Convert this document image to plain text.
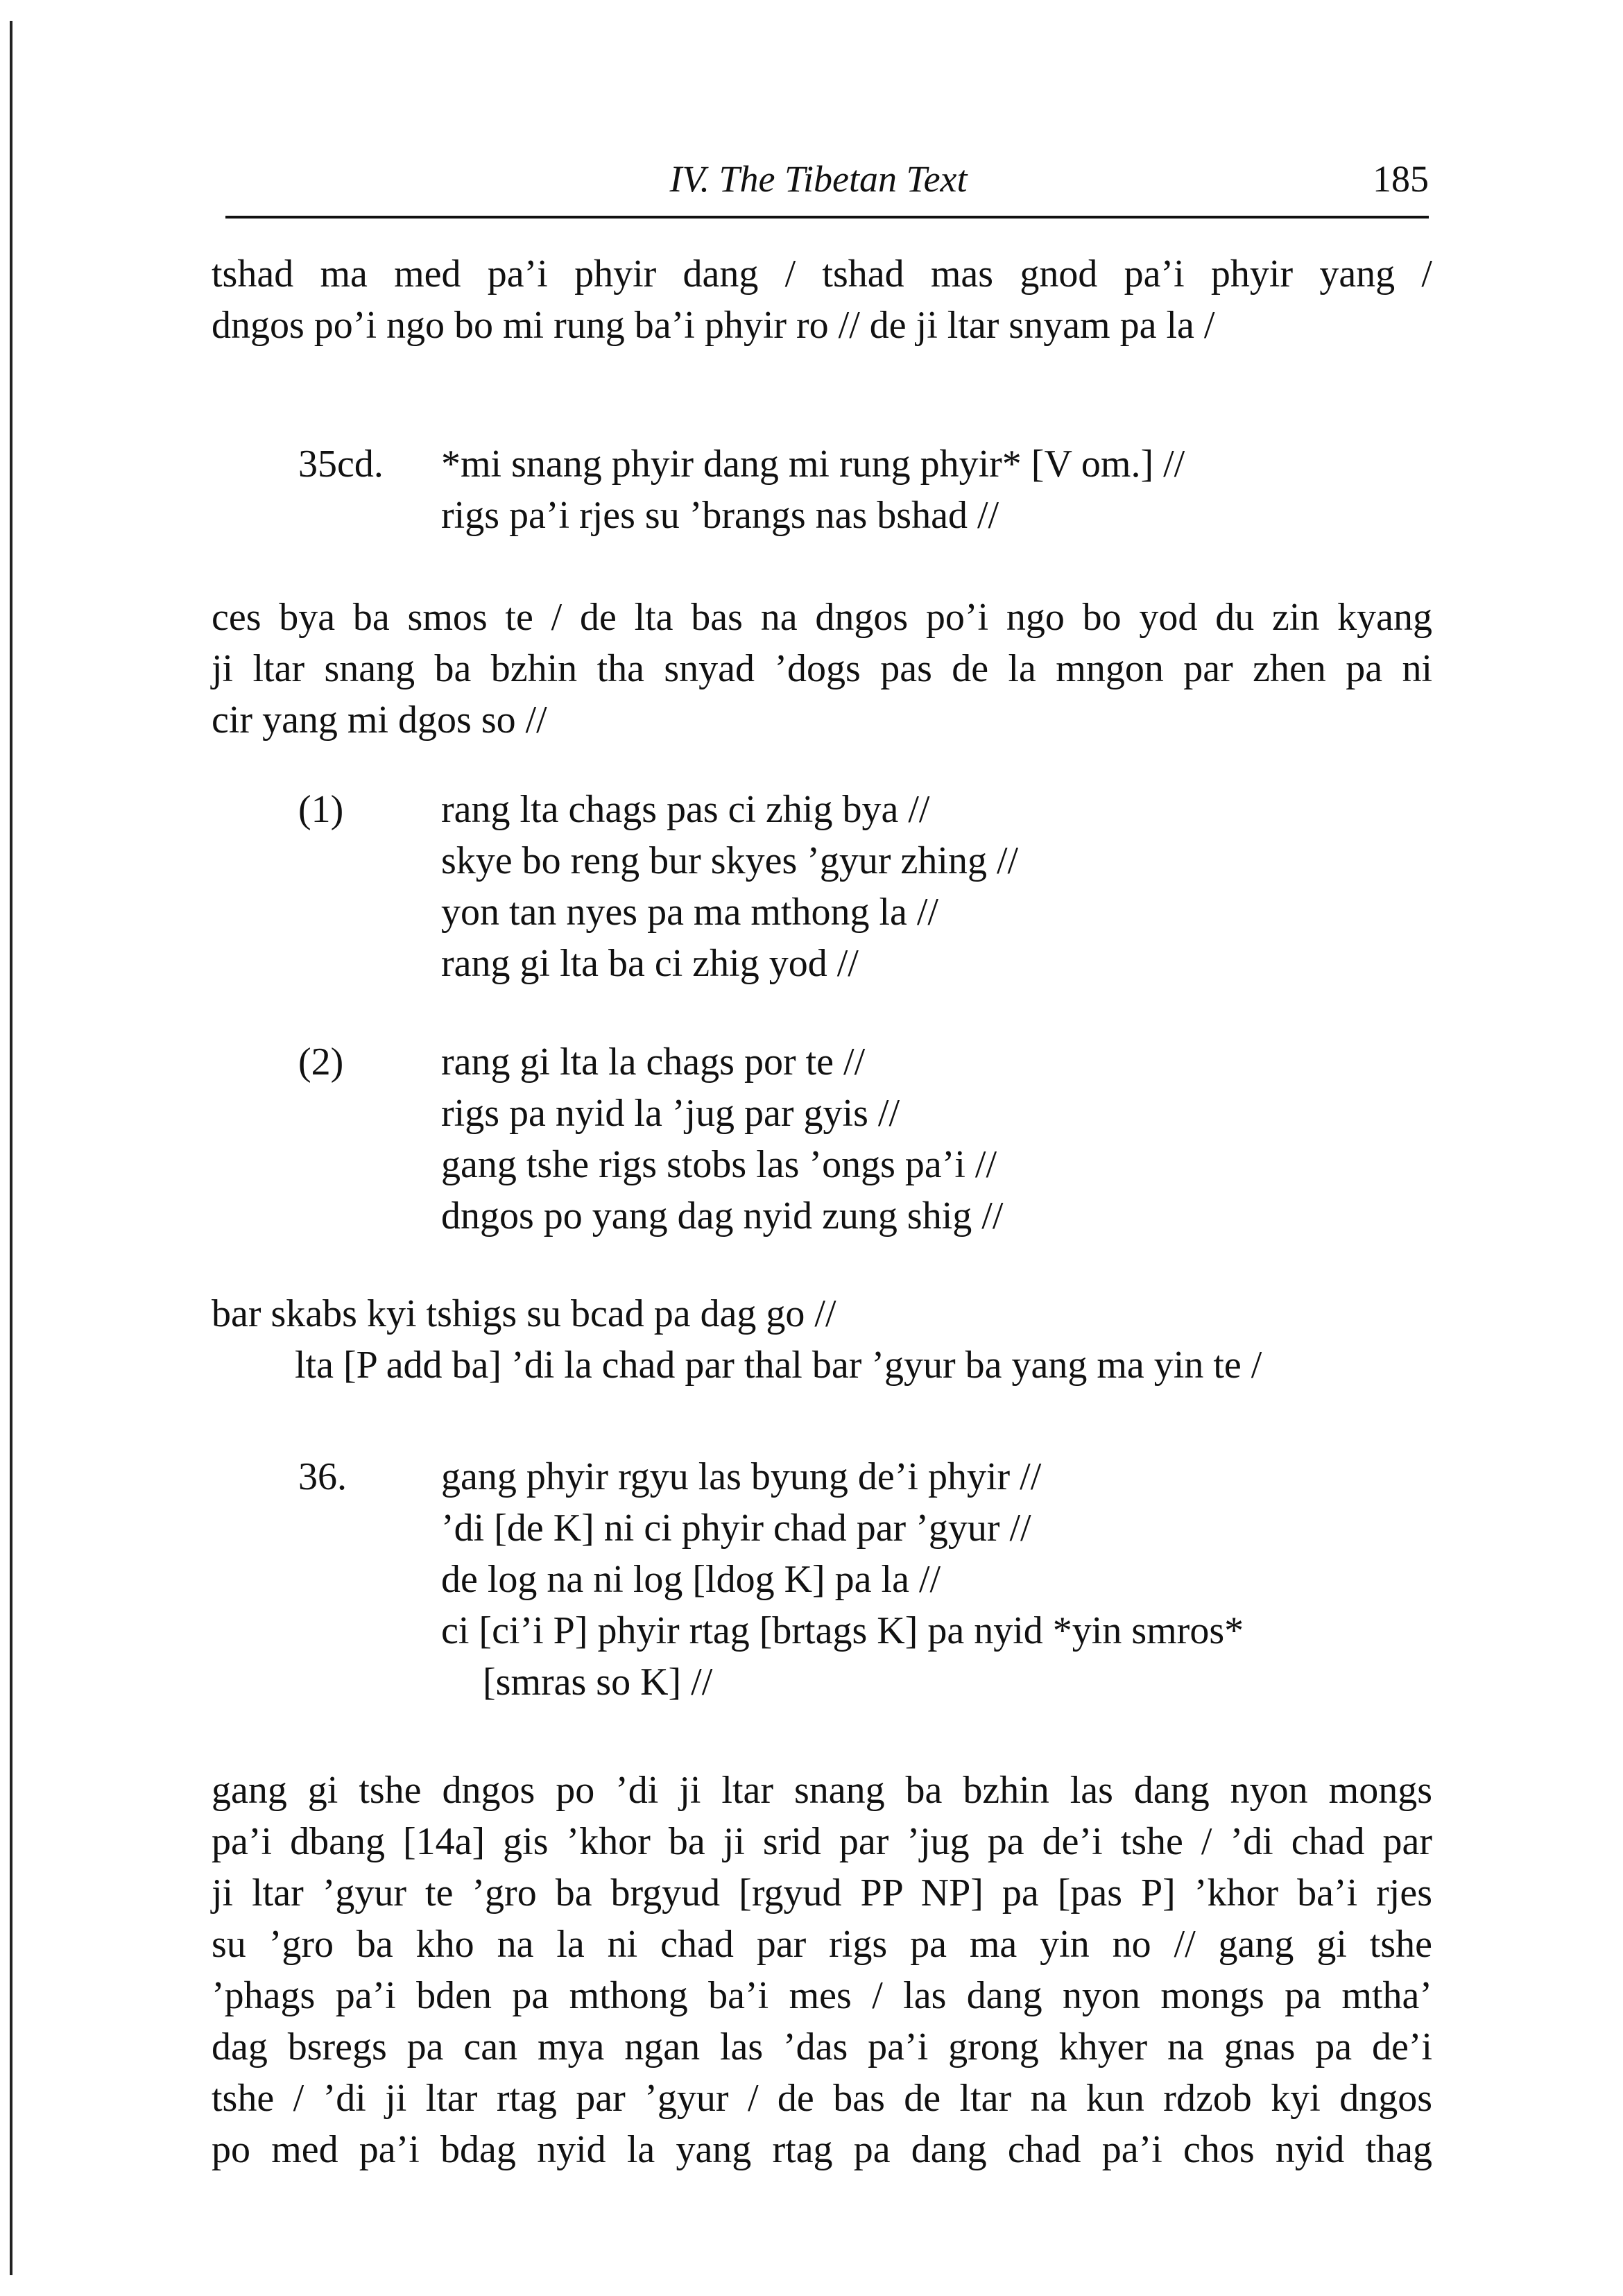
IV. The Tibetan Text	185
tshad ma med pa’i phyir dang / tshad mas gnod pa’i phyir yang /
dngos po’i ngo bo mi rung ba’i phyir ro // de ji ltar snyam pa la /
35cd. *mi snang phyir dang mi rung phyir* [V om.] //
rigs pa’i rjes su ’brangs nas bshad //
ces bya ba smos te / de lta bas na dngos po’i ngo bo yod du zin kyang
ji ltar snang ba bzhin tha snyad ’dogs pas de la mngon par zhen pa ni
cir yang mi dgos so //
(1)	rang lta chags pas ci zhig bya //
skye bo reng bur skyes ’gyur zhing //
yon tan nyes pa ma mthong la //
rang gi lta ba ci zhig yod //
(2)	rang gi lta la chags por te //
rigs pa nyid la ’jug par gyis //
gang tshe rigs stobs las ’ongs pa’i //
dngos po yang dag nyid zung shig //
bar skabs kyi tshigs su bcad pa dag go //
lta [P add ba] ’di la chad par thal bar ’gyur ba yang ma yin te /
36. gang phyir rgyu las byung de’i phyir //
’di [de K] ni ci phyir chad par ’gyur //
de log na ni log [ldog K] pa la //
ci [ci’i P] phyir rtag [brtags K] pa nyid *yin smros*
[smras so K] //
gang gi tshe dngos po ’di ji ltar snang ba bzhin las dang nyon mongs
pa’i dbang [14a] gis ’khor ba ji srid par ’jug pa de’i tshe / ’di chad par
ji ltar ’gyur te ’gro ba brgyud [rgyud PP NP] pa [pas P] ’khor ba’i rjes
su ’gro ba kho na la ni chad par rigs pa ma yin no // gang gi tshe
’phags pa’i bden pa mthong ba’i mes / las dang nyon mongs pa mtha’
dag bsregs pa can mya ngan las ’das pa’i grong khyer na gnas pa de’i
tshe / ’di ji ltar rtag par ’gyur / de bas de ltar na kun rdzob kyi dngos
po med pa’i bdag nyid la yang rtag pa dang chad pa’i chos nyid thag
